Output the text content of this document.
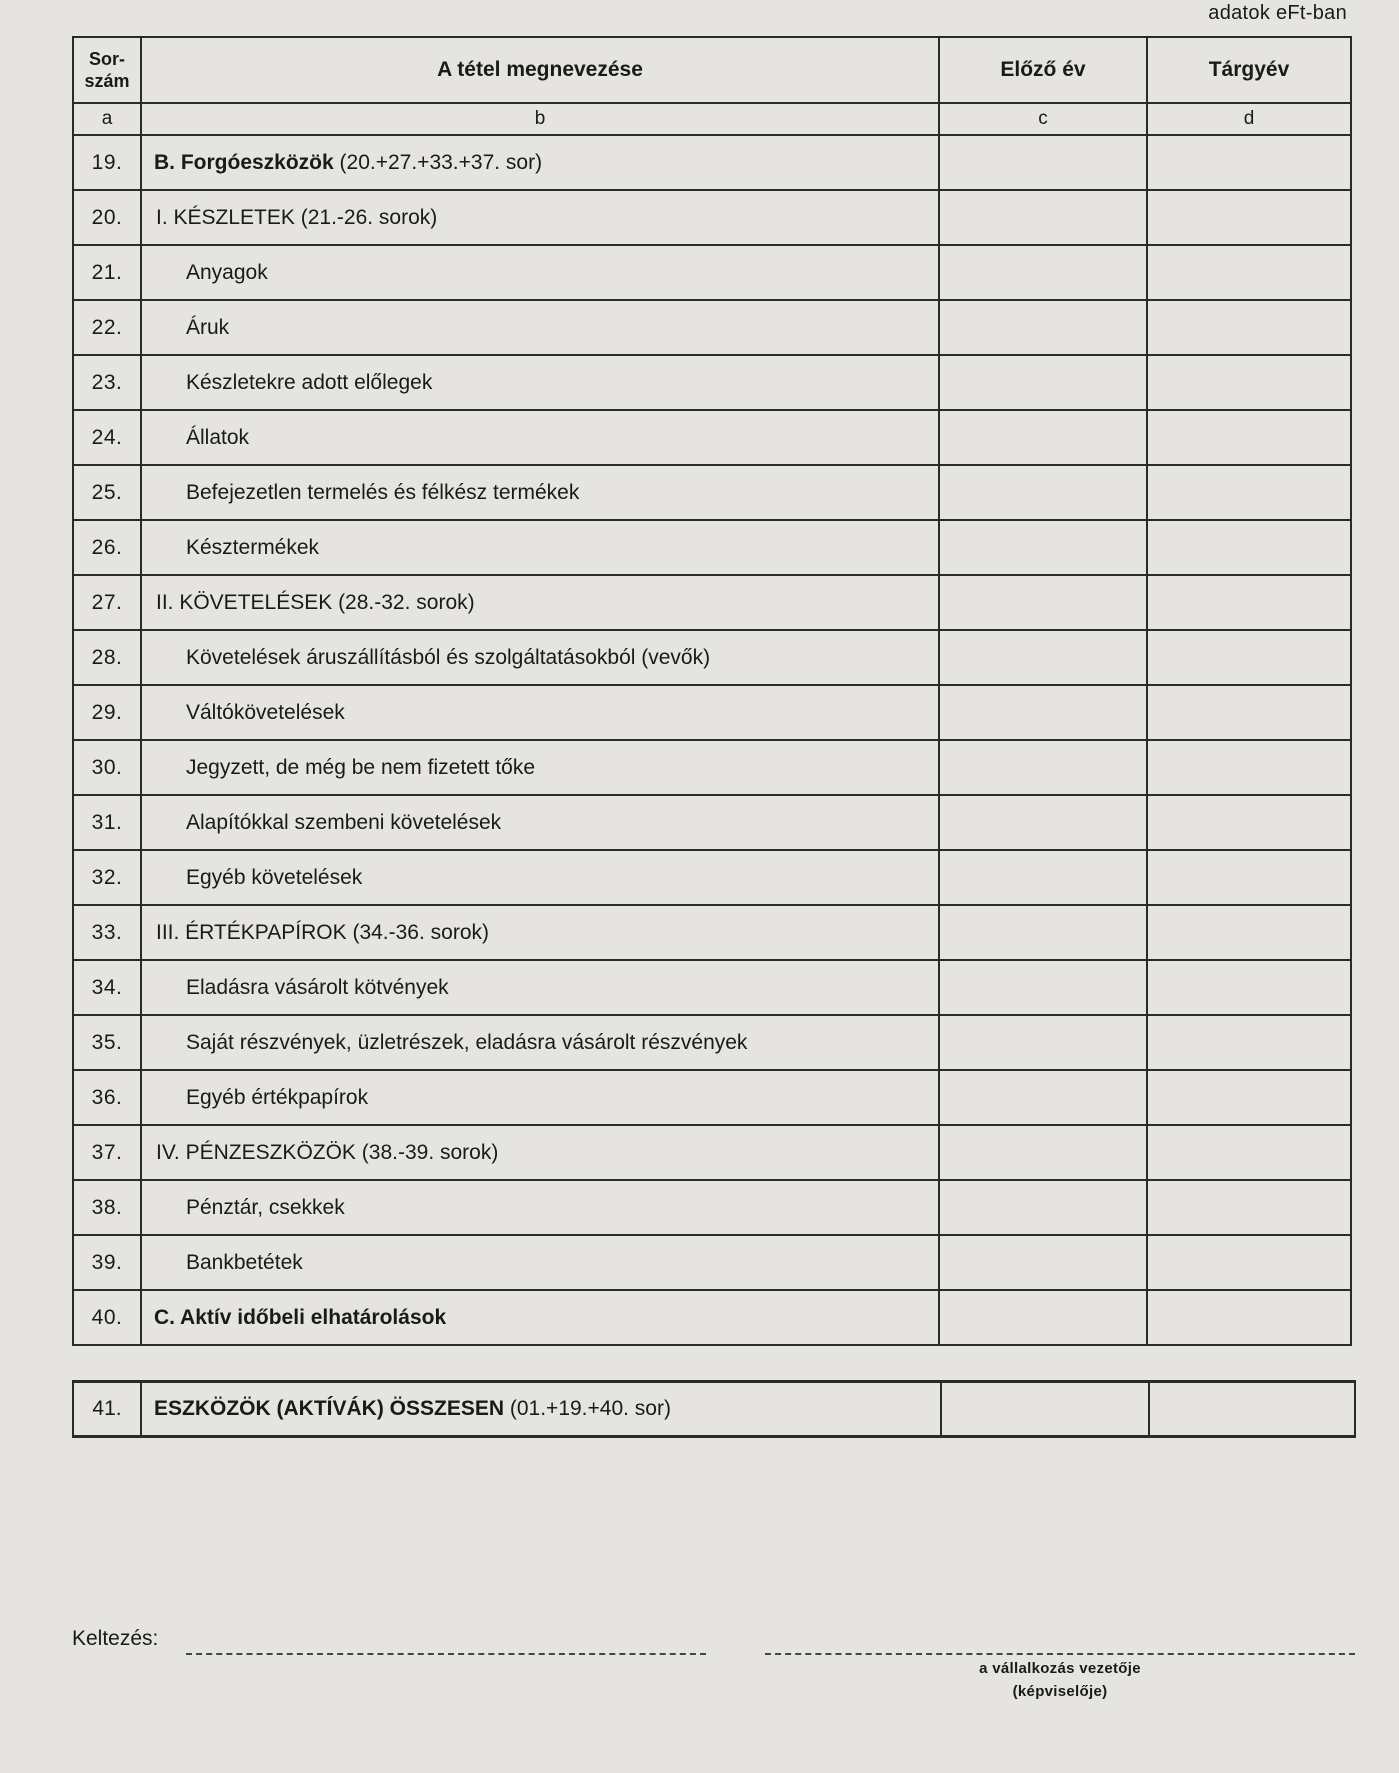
adatok eFt-ban
Sor-
szám	A tétel megnevezése	Előző év	Tárgyév
a	b	c	d
19.	B. Forgóeszközök (20.+27.+33.+37. sor)		
20.	I. KÉSZLETEK (21.-26. sorok)		
21.	Anyagok		
22.	Áruk		
23.	Készletekre adott előlegek		
24.	Állatok		
25.	Befejezetlen termelés és félkész termékek		
26.	Késztermékek		
27.	II. KÖVETELÉSEK (28.-32. sorok)		
28.	Követelések áruszállításból és szolgáltatásokból (vevők)		
29.	Váltókövetelések		
30.	Jegyzett, de még be nem fizetett tőke		
31.	Alapítókkal szembeni követelések		
32.	Egyéb követelések		
33.	III. ÉRTÉKPAPÍROK (34.-36. sorok)		
34.	Eladásra vásárolt kötvények		
35.	Saját részvények, üzletrészek, eladásra vásárolt részvények		
36.	Egyéb értékpapírok		
37.	IV. PÉNZESZKÖZÖK (38.-39. sorok)		
38.	Pénztár, csekkek		
39.	Bankbetétek		
40.	C. Aktív időbeli elhatárolások		
41.	ESZKÖZÖK (AKTÍVÁK) ÖSSZESEN (01.+19.+40. sor)		
Keltezés:
a vállalkozás vezetője
(képviselője)
